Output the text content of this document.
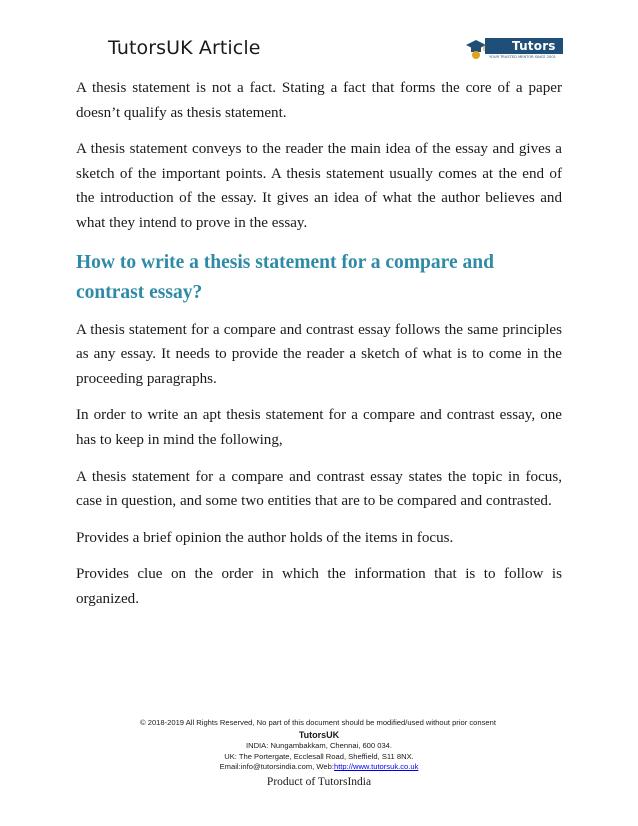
TutorsUK Article	Tutors UK
YOUR TRUSTED MENTOR SINCE 2001

A thesis statement is not a fact. Stating a fact that forms the core of a paper doesn’t qualify as thesis statement.

A thesis statement conveys to the reader the main idea of the essay and gives a sketch of the important points. A thesis statement usually comes at the end of the introduction of the essay. It gives an idea of what the author believes and what they intend to prove in the essay.

How to write a thesis statement for a compare and contrast essay?

A thesis statement for a compare and contrast essay follows the same principles as any essay. It needs to provide the reader a sketch of what is to come in the proceeding paragraphs.

In order to write an apt thesis statement for a compare and contrast essay, one has to keep in mind the following,

A thesis statement for a compare and contrast essay states the topic in focus, case in question, and some two entities that are to be compared and contrasted.

Provides a brief opinion the author holds of the items in focus.

Provides clue on the order in which the information that is to follow is organized.

© 2018-2019 All Rights Reserved, No part of this document should be modified/used without prior consent
TutorsUK
INDIA: Nungambakkam, Chennai, 600 034.
UK: The Portergate, Ecclesall Road, Sheffield, S11 8NX.
Email:info@tutorsindia.com, Web:http://www.tutorsuk.co.uk
Product of TutorsIndia
